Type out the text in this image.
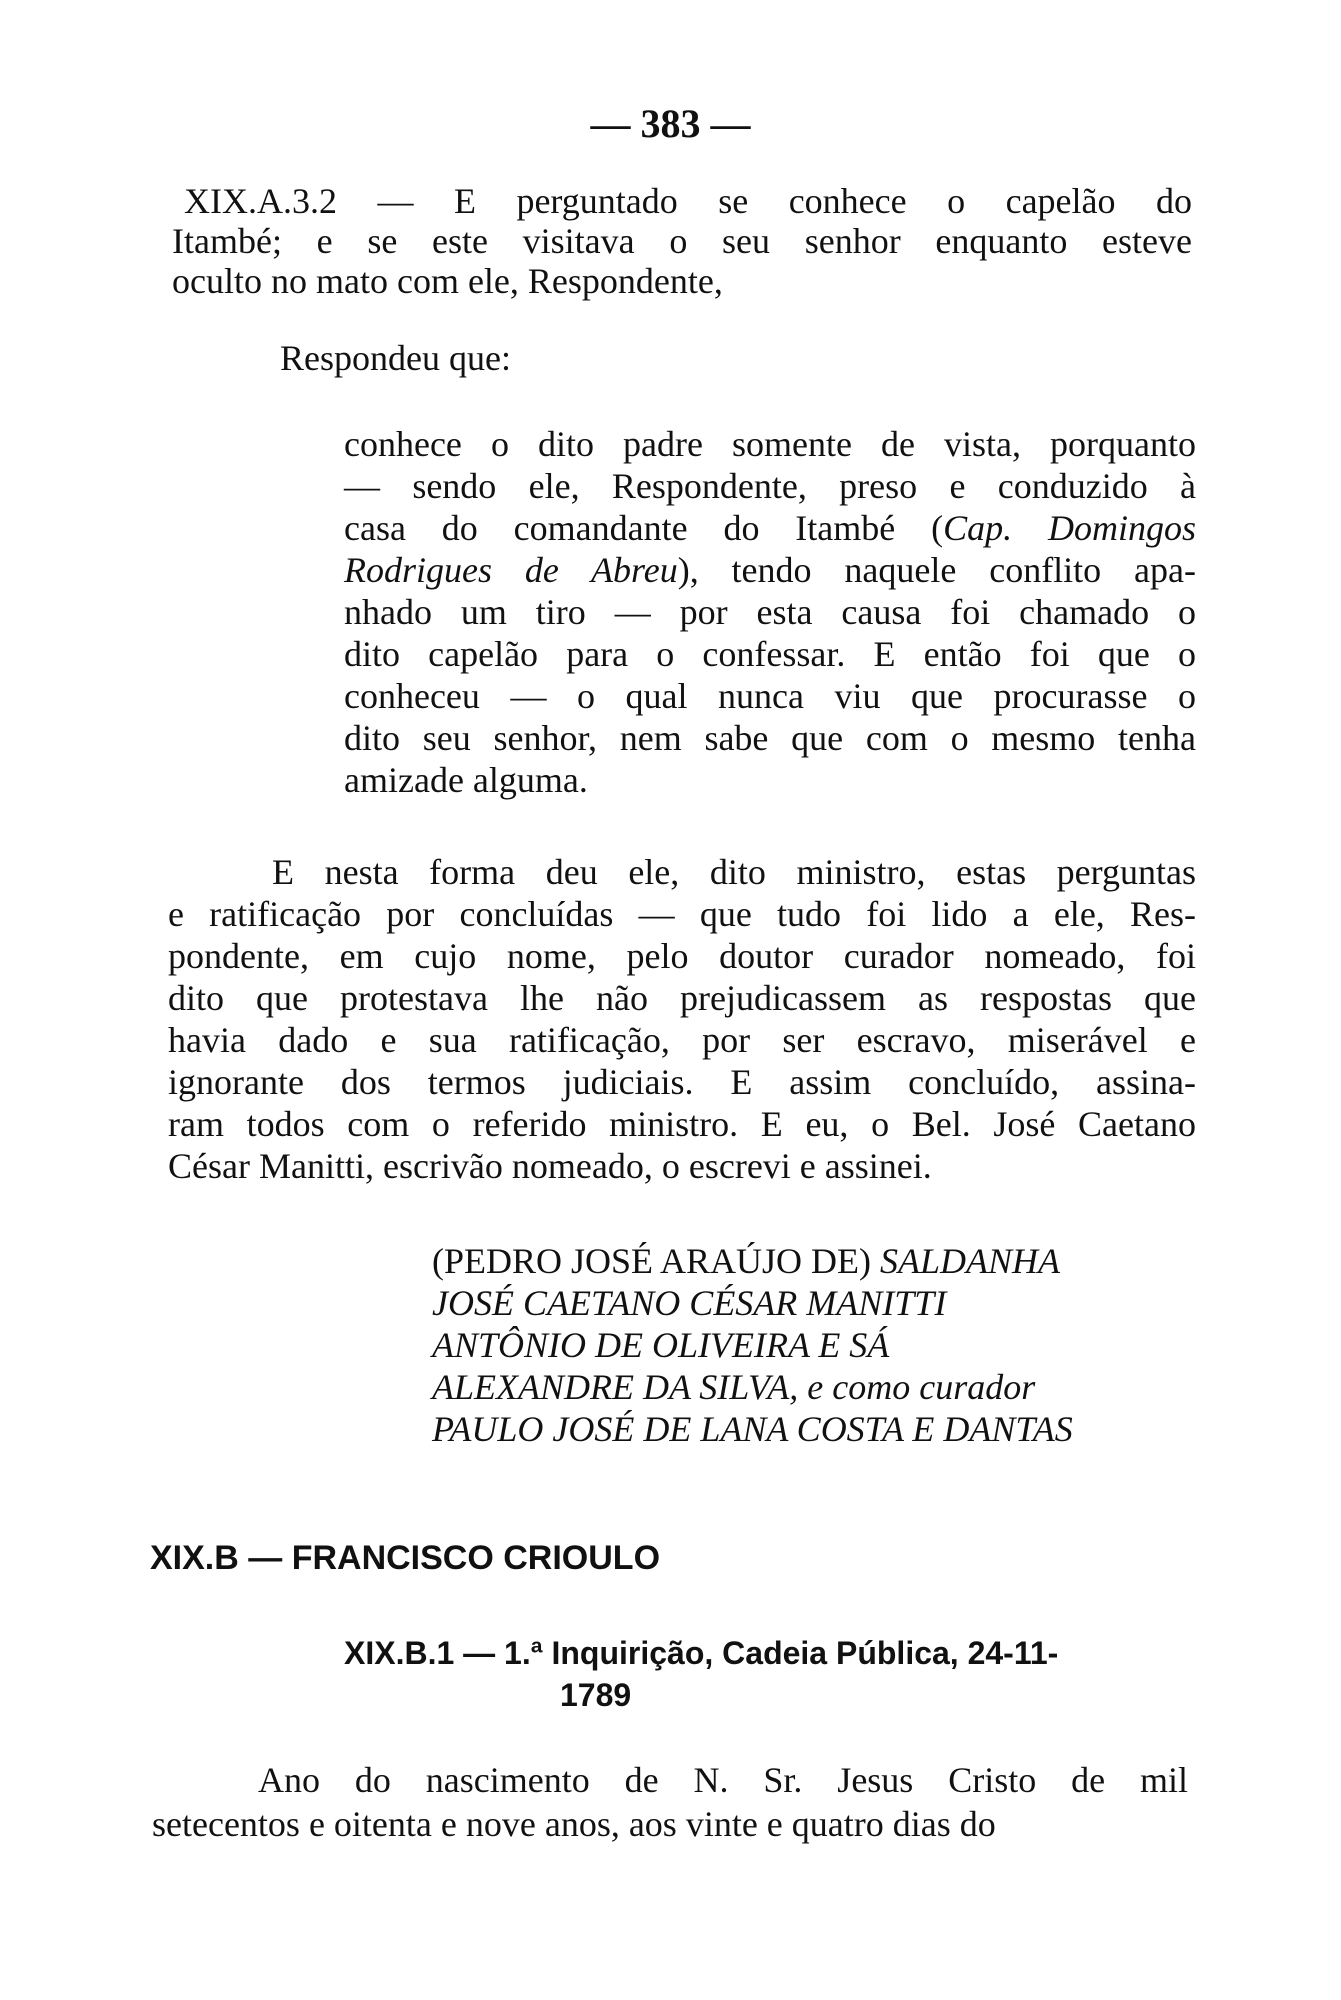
— 383 —
XIX.A.3.2 — E perguntado se conhece o capelão do
Itambé; e se este visitava o seu senhor enquanto esteve
oculto no mato com ele, Respondente,
Respondeu que:
conhece o dito padre somente de vista, porquanto
— sendo ele, Respondente, preso e conduzido à
casa do comandante do Itambé (Cap. Domingos
Rodrigues de Abreu), tendo naquele conflito apa-
nhado um tiro — por esta causa foi chamado o
dito capelão para o confessar. E então foi que o
conheceu — o qual nunca viu que procurasse o
dito seu senhor, nem sabe que com o mesmo tenha
amizade alguma.
E nesta forma deu ele, dito ministro, estas perguntas
e ratificação por concluídas — que tudo foi lido a ele, Res-
pondente, em cujo nome, pelo doutor curador nomeado, foi
dito que protestava lhe não prejudicassem as respostas que
havia dado e sua ratificação, por ser escravo, miserável e
ignorante dos termos judiciais. E assim concluído, assina-
ram todos com o referido ministro. E eu, o Bel. José Caetano
César Manitti, escrivão nomeado, o escrevi e assinei.
(PEDRO JOSÉ ARAÚJO DE) SALDANHA
JOSÉ CAETANO CÉSAR MANITTI
ANTÔNIO DE OLIVEIRA E SÁ
ALEXANDRE DA SILVA, e como curador
PAULO JOSÉ DE LANA COSTA E DANTAS
XIX.B — FRANCISCO CRIOULO
XIX.B.1 — 1.ª Inquirição, Cadeia Pública, 24-11-
1789
Ano do nascimento de N. Sr. Jesus Cristo de mil
setecentos e oitenta e nove anos, aos vinte e quatro dias do
